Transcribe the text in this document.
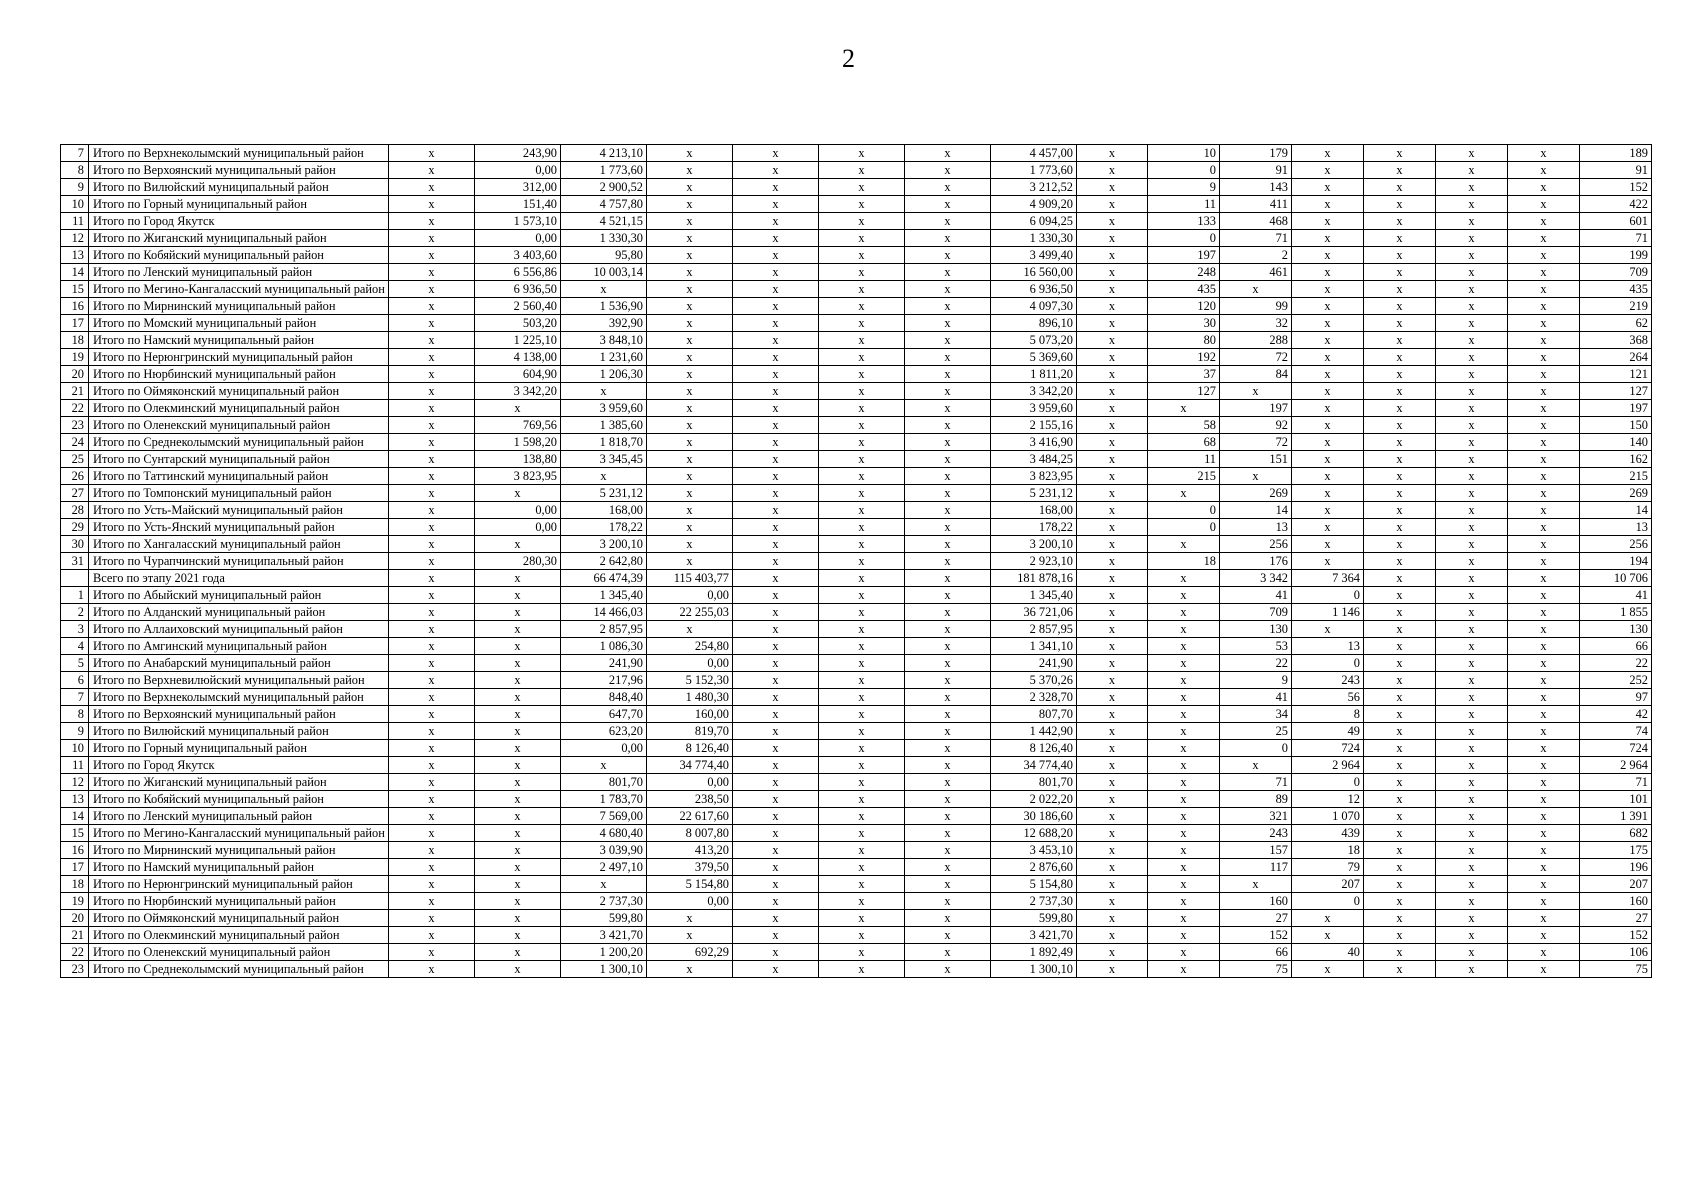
2
7	Итого по Верхнеколымский муниципальный район	x	243,90	4 213,10	x	x	x	x	4 457,00	x	10	179	x	x	x	x	189
8	Итого по Верхоянский муниципальный район	x	0,00	1 773,60	x	x	x	x	1 773,60	x	0	91	x	x	x	x	91
9	Итого по Вилюйский муниципальный район	x	312,00	2 900,52	x	x	x	x	3 212,52	x	9	143	x	x	x	x	152
10	Итого по Горный муниципальный район	x	151,40	4 757,80	x	x	x	x	4 909,20	x	11	411	x	x	x	x	422
11	Итого по Город Якутск	x	1 573,10	4 521,15	x	x	x	x	6 094,25	x	133	468	x	x	x	x	601
12	Итого по Жиганский муниципальный район	x	0,00	1 330,30	x	x	x	x	1 330,30	x	0	71	x	x	x	x	71
13	Итого по Кобяйский муниципальный район	x	3 403,60	95,80	x	x	x	x	3 499,40	x	197	2	x	x	x	x	199
14	Итого по Ленский муниципальный район	x	6 556,86	10 003,14	x	x	x	x	16 560,00	x	248	461	x	x	x	x	709
15	Итого по Мегино-Кангаласский муниципальный район	x	6 936,50	x	x	x	x	x	6 936,50	x	435	x	x	x	x	x	435
16	Итого по Мирнинский муниципальный район	x	2 560,40	1 536,90	x	x	x	x	4 097,30	x	120	99	x	x	x	x	219
17	Итого по Момский муниципальный район	x	503,20	392,90	x	x	x	x	896,10	x	30	32	x	x	x	x	62
18	Итого по Намский муниципальный район	x	1 225,10	3 848,10	x	x	x	x	5 073,20	x	80	288	x	x	x	x	368
19	Итого по Нерюнгринский муниципальный район	x	4 138,00	1 231,60	x	x	x	x	5 369,60	x	192	72	x	x	x	x	264
20	Итого по Нюрбинский муниципальный район	x	604,90	1 206,30	x	x	x	x	1 811,20	x	37	84	x	x	x	x	121
21	Итого по Оймяконский муниципальный район	x	3 342,20	x	x	x	x	x	3 342,20	x	127	x	x	x	x	x	127
22	Итого по Олекминский муниципальный район	x	x	3 959,60	x	x	x	x	3 959,60	x	x	197	x	x	x	x	197
23	Итого по Оленекский муниципальный район	x	769,56	1 385,60	x	x	x	x	2 155,16	x	58	92	x	x	x	x	150
24	Итого по Среднеколымский муниципальный район	x	1 598,20	1 818,70	x	x	x	x	3 416,90	x	68	72	x	x	x	x	140
25	Итого по Сунтарский муниципальный район	x	138,80	3 345,45	x	x	x	x	3 484,25	x	11	151	x	x	x	x	162
26	Итого по Таттинский муниципальный район	x	3 823,95	x	x	x	x	x	3 823,95	x	215	x	x	x	x	x	215
27	Итого по Томпонский муниципальный район	x	x	5 231,12	x	x	x	x	5 231,12	x	x	269	x	x	x	x	269
28	Итого по Усть-Майский муниципальный район	x	0,00	168,00	x	x	x	x	168,00	x	0	14	x	x	x	x	14
29	Итого по Усть-Янский муниципальный район	x	0,00	178,22	x	x	x	x	178,22	x	0	13	x	x	x	x	13
30	Итого по Хангаласский муниципальный район	x	x	3 200,10	x	x	x	x	3 200,10	x	x	256	x	x	x	x	256
31	Итого по Чурапчинский муниципальный район	x	280,30	2 642,80	x	x	x	x	2 923,10	x	18	176	x	x	x	x	194
	Всего по этапу 2021 года	x	x	66 474,39	115 403,77	x	x	x	181 878,16	x	x	3 342	7 364	x	x	x	10 706
1	Итого по Абыйский муниципальный район	x	x	1 345,40	0,00	x	x	x	1 345,40	x	x	41	0	x	x	x	41
2	Итого по Алданский муниципальный район	x	x	14 466,03	22 255,03	x	x	x	36 721,06	x	x	709	1 146	x	x	x	1 855
3	Итого по Аллаиховский муниципальный район	x	x	2 857,95	x	x	x	x	2 857,95	x	x	130	x	x	x	x	130
4	Итого по Амгинский муниципальный район	x	x	1 086,30	254,80	x	x	x	1 341,10	x	x	53	13	x	x	x	66
5	Итого по Анабарский муниципальный район	x	x	241,90	0,00	x	x	x	241,90	x	x	22	0	x	x	x	22
6	Итого по Верхневилюйский муниципальный район	x	x	217,96	5 152,30	x	x	x	5 370,26	x	x	9	243	x	x	x	252
7	Итого по Верхнеколымский муниципальный район	x	x	848,40	1 480,30	x	x	x	2 328,70	x	x	41	56	x	x	x	97
8	Итого по Верхоянский муниципальный район	x	x	647,70	160,00	x	x	x	807,70	x	x	34	8	x	x	x	42
9	Итого по Вилюйский муниципальный район	x	x	623,20	819,70	x	x	x	1 442,90	x	x	25	49	x	x	x	74
10	Итого по Горный муниципальный район	x	x	0,00	8 126,40	x	x	x	8 126,40	x	x	0	724	x	x	x	724
11	Итого по Город Якутск	x	x	x	34 774,40	x	x	x	34 774,40	x	x	x	2 964	x	x	x	2 964
12	Итого по Жиганский муниципальный район	x	x	801,70	0,00	x	x	x	801,70	x	x	71	0	x	x	x	71
13	Итого по Кобяйский муниципальный район	x	x	1 783,70	238,50	x	x	x	2 022,20	x	x	89	12	x	x	x	101
14	Итого по Ленский муниципальный район	x	x	7 569,00	22 617,60	x	x	x	30 186,60	x	x	321	1 070	x	x	x	1 391
15	Итого по Мегино-Кангаласский муниципальный район	x	x	4 680,40	8 007,80	x	x	x	12 688,20	x	x	243	439	x	x	x	682
16	Итого по Мирнинский муниципальный район	x	x	3 039,90	413,20	x	x	x	3 453,10	x	x	157	18	x	x	x	175
17	Итого по Намский муниципальный район	x	x	2 497,10	379,50	x	x	x	2 876,60	x	x	117	79	x	x	x	196
18	Итого по Нерюнгринский муниципальный район	x	x	x	5 154,80	x	x	x	5 154,80	x	x	x	207	x	x	x	207
19	Итого по Нюрбинский муниципальный район	x	x	2 737,30	0,00	x	x	x	2 737,30	x	x	160	0	x	x	x	160
20	Итого по Оймяконский муниципальный район	x	x	599,80	x	x	x	x	599,80	x	x	27	x	x	x	x	27
21	Итого по Олекминский муниципальный район	x	x	3 421,70	x	x	x	x	3 421,70	x	x	152	x	x	x	x	152
22	Итого по Оленекский муниципальный район	x	x	1 200,20	692,29	x	x	x	1 892,49	x	x	66	40	x	x	x	106
23	Итого по Среднеколымский муниципальный район	x	x	1 300,10	x	x	x	x	1 300,10	x	x	75	x	x	x	x	75
